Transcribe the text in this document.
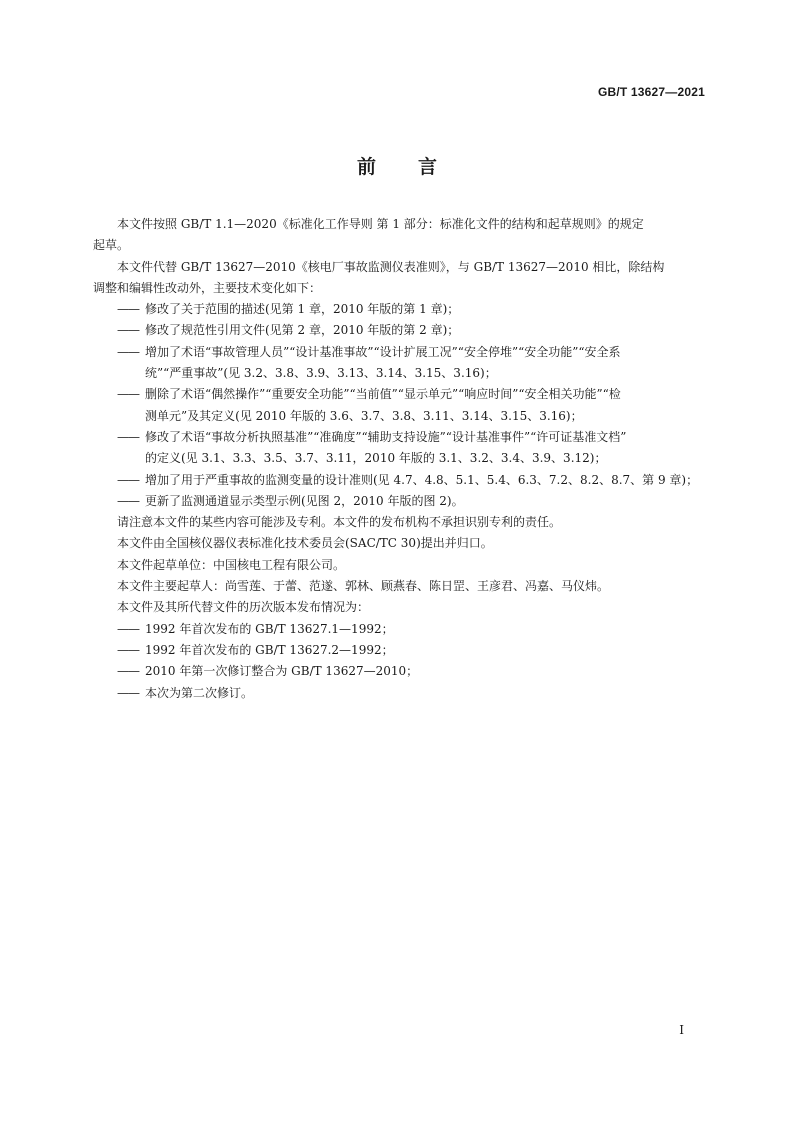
GB/T 13627—2021
前 言

本文件按照 GB/T 1.1—2020《标准化工作导则 第 1 部分：标准化文件的结构和起草规则》的规定
起草。

本文件代替 GB/T 13627—2010《核电厂事故监测仪表准则》，与 GB/T 13627—2010 相比，除结构
调整和编辑性改动外，主要技术变化如下：

—— 修改了关于范围的描述(见第 1 章，2010 年版的第 1 章)；

—— 修改了规范性引用文件(见第 2 章，2010 年版的第 2 章)；

—— 增加了术语“事故管理人员”“设计基准事故”“设计扩展工况”“安全停堆”“安全功能”“安全系
统”“严重事故”(见 3.2、3.8、3.9、3.13、3.14、3.15、3.16)；

—— 删除了术语“偶然操作”“重要安全功能”“当前值”“显示单元”“响应时间”“安全相关功能”“检
测单元”及其定义(见 2010 年版的 3.6、3.7、3.8、3.11、3.14、3.15、3.16)；

—— 修改了术语“事故分析执照基准”“准确度”“辅助支持设施”“设计基准事件”“许可证基准文档”
的定义(见 3.1、3.3、3.5、3.7、3.11，2010 年版的 3.1、3.2、3.4、3.9、3.12)；

—— 增加了用于严重事故的监测变量的设计准则(见 4.7、4.8、5.1、5.4、6.3、7.2、8.2、8.7、第 9 章)；

—— 更新了监测通道显示类型示例(见图 2，2010 年版的图 2)。

请注意本文件的某些内容可能涉及专利。本文件的发布机构不承担识别专利的责任。

本文件由全国核仪器仪表标准化技术委员会(SAC/TC 30)提出并归口。

本文件起草单位：中国核电工程有限公司。

本文件主要起草人：尚雪莲、于蕾、范遂、郭林、顾燕春、陈日罡、王彦君、冯嘉、马仪炜。

本文件及其所代替文件的历次版本发布情况为：

—— 1992 年首次发布的 GB/T 13627.1—1992；

—— 1992 年首次发布的 GB/T 13627.2—1992；

—— 2010 年第一次修订整合为 GB/T 13627—2010；

—— 本次为第二次修订。

I
